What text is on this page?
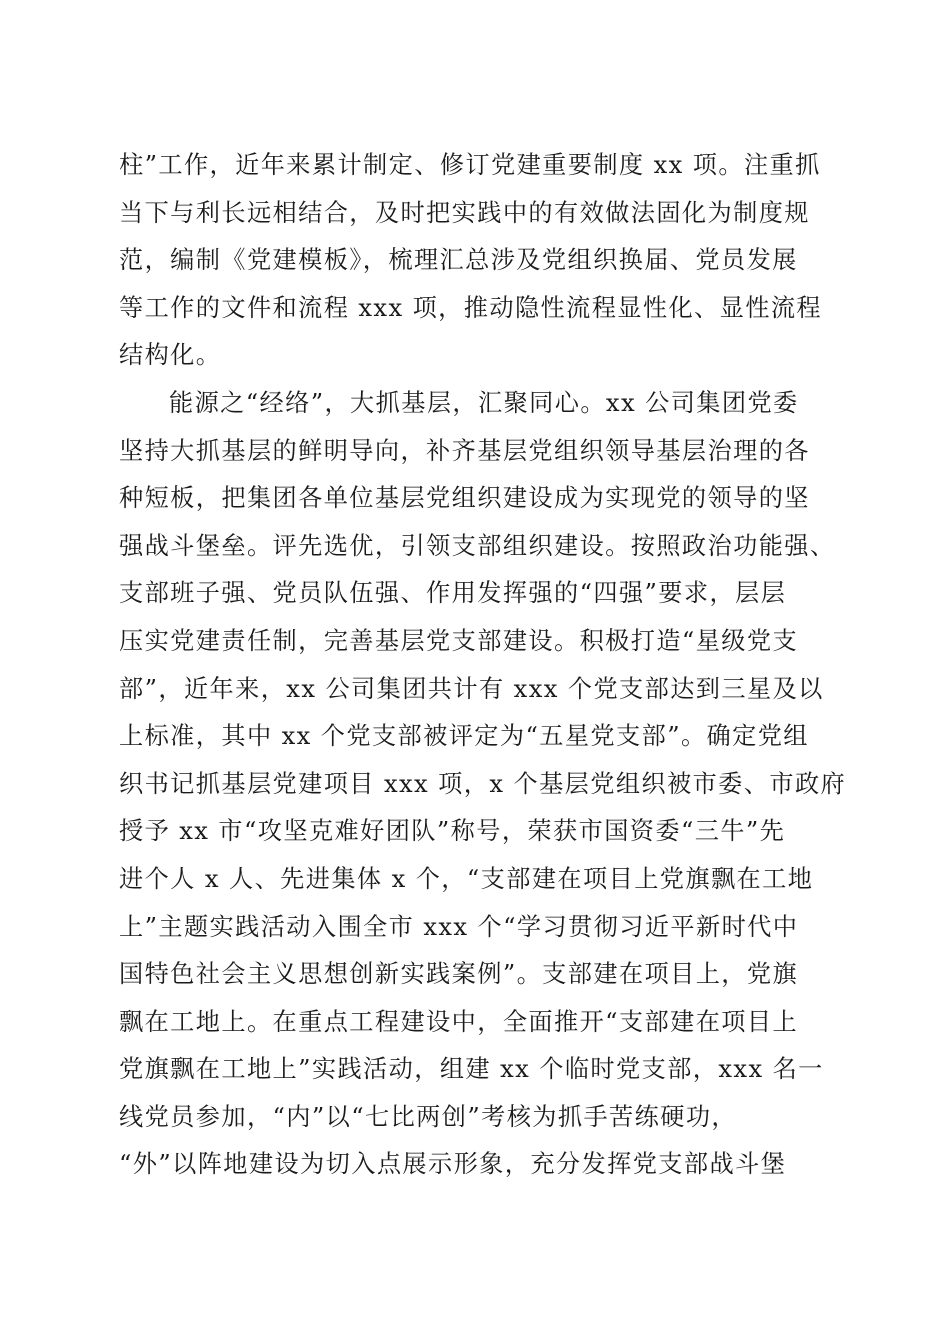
柱”工作，近年来累计制定、修订党建重要制度 xx 项。注重抓
当下与利长远相结合，及时把实践中的有效做法固化为制度规
范，编制《党建模板》，梳理汇总涉及党组织换届、党员发展
等工作的文件和流程 xxx 项，推动隐性流程显性化、显性流程
结构化。
能源之“经络”，大抓基层，汇聚同心。xx 公司集团党委
坚持大抓基层的鲜明导向，补齐基层党组织领导基层治理的各
种短板，把集团各单位基层党组织建设成为实现党的领导的坚
强战斗堡垒。评先选优，引领支部组织建设。按照政治功能强、
支部班子强、党员队伍强、作用发挥强的“四强”要求，层层
压实党建责任制，完善基层党支部建设。积极打造“星级党支
部”，近年来，xx 公司集团共计有 xxx 个党支部达到三星及以
上标准，其中 xx 个党支部被评定为“五星党支部”。确定党组
织书记抓基层党建项目 xxx 项，x 个基层党组织被市委、市政府
授予 xx 市“攻坚克难好团队”称号，荣获市国资委“三牛”先
进个人 x 人、先进集体 x 个，“支部建在项目上党旗飘在工地
上”主题实践活动入围全市 xxx 个“学习贯彻习近平新时代中
国特色社会主义思想创新实践案例”。支部建在项目上，党旗
飘在工地上。在重点工程建设中，全面推开“支部建在项目上
党旗飘在工地上”实践活动，组建 xx 个临时党支部，xxx 名一
线党员参加，“内”以“七比两创”考核为抓手苦练硬功，
“外”以阵地建设为切入点展示形象，充分发挥党支部战斗堡
